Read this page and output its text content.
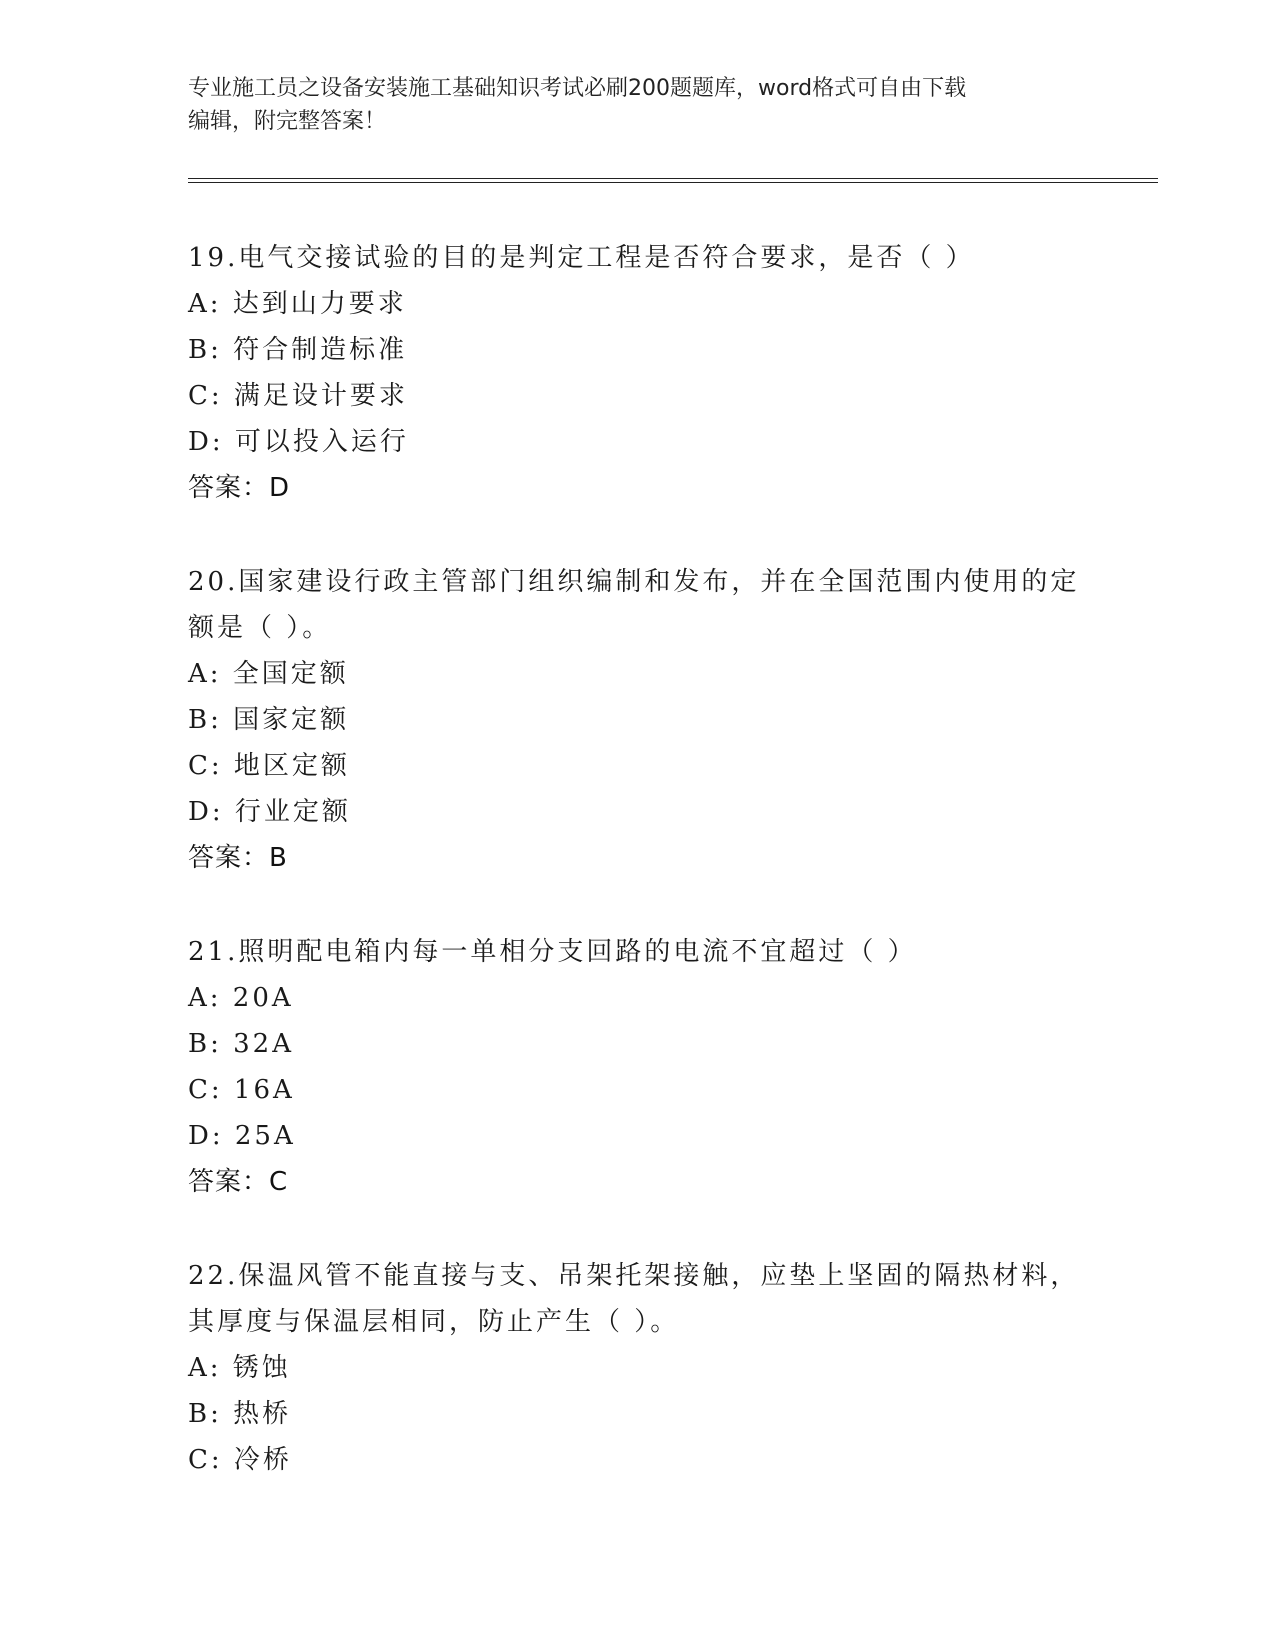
专业施工员之设备安装施工基础知识考试必刷200题题库，word格式可自由下载
编辑，附完整答案！
19.电气交接试验的目的是判定工程是否符合要求，是否（ ）
A: 达到山力要求
B: 符合制造标准
C: 满足设计要求
D: 可以投入运行
答案：D
20.国家建设行政主管部门组织编制和发布，并在全国范围内使用的定
额是（ ）。
A: 全国定额
B: 国家定额
C: 地区定额
D: 行业定额
答案：B
21.照明配电箱内每一单相分支回路的电流不宜超过（ ）
A: 20A
B: 32A
C: 16A
D: 25A
答案：C
22.保温风管不能直接与支、吊架托架接触，应垫上坚固的隔热材料，
其厚度与保温层相同，防止产生（ ）。
A: 锈蚀
B: 热桥
C: 冷桥
